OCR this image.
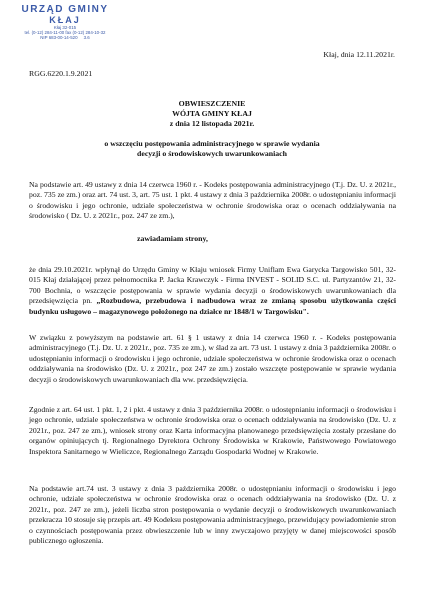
URZĄD GMINY
KŁAJ
Kłaj 32-015
tel. (0-12) 284-11-00 fax (0-12) 284-10-32
NIP 683-00-14-520 3.6
Kłaj, dnia 12.11.2021r.
RGG.6220.1.9.2021
OBWIESZCZENIE
WÓJTA GMINY KŁAJ
z dnia 12 listopada 2021r.
o wszczęciu postępowania administracyjnego w sprawie wydania
decyzji o środowiskowych uwarunkowaniach

Na podstawie art. 49 ustawy z dnia 14 czerwca 1960 r. - Kodeks postępowania administracyjnego (T.j. Dz. U. z 2021r., poz. 735 ze zm.) oraz art. 74 ust. 3, art. 75 ust. 1 pkt. 4 ustawy z dnia 3 października 2008r. o udostępnianiu informacji o środowisku i jego ochronie, udziale społeczeństwa w ochronie środowiska oraz o ocenach oddziaływania na środowisko ( Dz. U. z 2021r., poz. 247 ze zm.),

zawiadamiam strony,

że dnia 29.10.2021r. wpłynął do Urzędu Gminy w Kłaju wniosek Firmy Uniflam Ewa Garycka Targowisko 501, 32-015 Kłaj działającej przez pełnomocnika P. Jacka Krawczyk - Firma INVEST - SOLID S.C. ul. Partyzantów 21, 32-700 Bochnia, o wszczęcie postępowania w sprawie wydania decyzji o środowiskowych uwarunkowaniach dla przedsięwzięcia pn. „Rozbudowa, przebudowa i nadbudowa wraz ze zmianą sposobu użytkowania części budynku usługowo – magazynowego położonego na działce nr 1848/1 w Targowisku".

W związku z powyższym na podstawie art. 61 § 1 ustawy z dnia 14 czerwca 1960 r. - Kodeks postępowania administracyjnego (T.j. Dz. U. z 2021r., poz. 735 ze zm.), w ślad za art. 73 ust. 1 ustawy z dnia 3 października 2008r. o udostępnianiu informacji o środowisku i jego ochronie, udziale społeczeństwa w ochronie środowiska oraz o ocenach oddziaływania na środowisko (Dz. U. z 2021r., poz 247 ze zm.) zostało wszczęte postępowanie w sprawie wydania decyzji o środowiskowych uwarunkowaniach dla ww. przedsięwzięcia.

Zgodnie z art. 64 ust. 1 pkt. 1, 2 i pkt. 4 ustawy z dnia 3 października 2008r. o udostępnianiu informacji o środowisku i jego ochronie, udziale społeczeństwa w ochronie środowiska oraz o ocenach oddziaływania na środowisko (Dz. U. z 2021r., poz. 247 ze zm.), wniosek strony oraz Karta informacyjna planowanego przedsięwzięcia zostały przesłane do organów opiniujących tj. Regionalnego Dyrektora Ochrony Środowiska w Krakowie, Państwowego Powiatowego Inspektora Sanitarnego w Wieliczce, Regionalnego Zarządu Gospodarki Wodnej w Krakowie.

Na podstawie art.74 ust. 3 ustawy z dnia 3 października 2008r. o udostępnianiu informacji o środowisku i jego ochronie, udziale społeczeństwa w ochronie środowiska oraz o ocenach oddziaływania na środowisko (Dz. U. z 2021r., poz. 247 ze zm.), jeżeli liczba stron postępowania o wydanie decyzji o środowiskowych uwarunkowaniach przekracza 10 stosuje się przepis art. 49 Kodeksu postępowania administracyjnego, przewidujący powiadomienie stron o czynnościach postępowania przez obwieszczenie lub w inny zwyczajowo przyjęty w danej miejscowości sposób publicznego ogłoszenia.
